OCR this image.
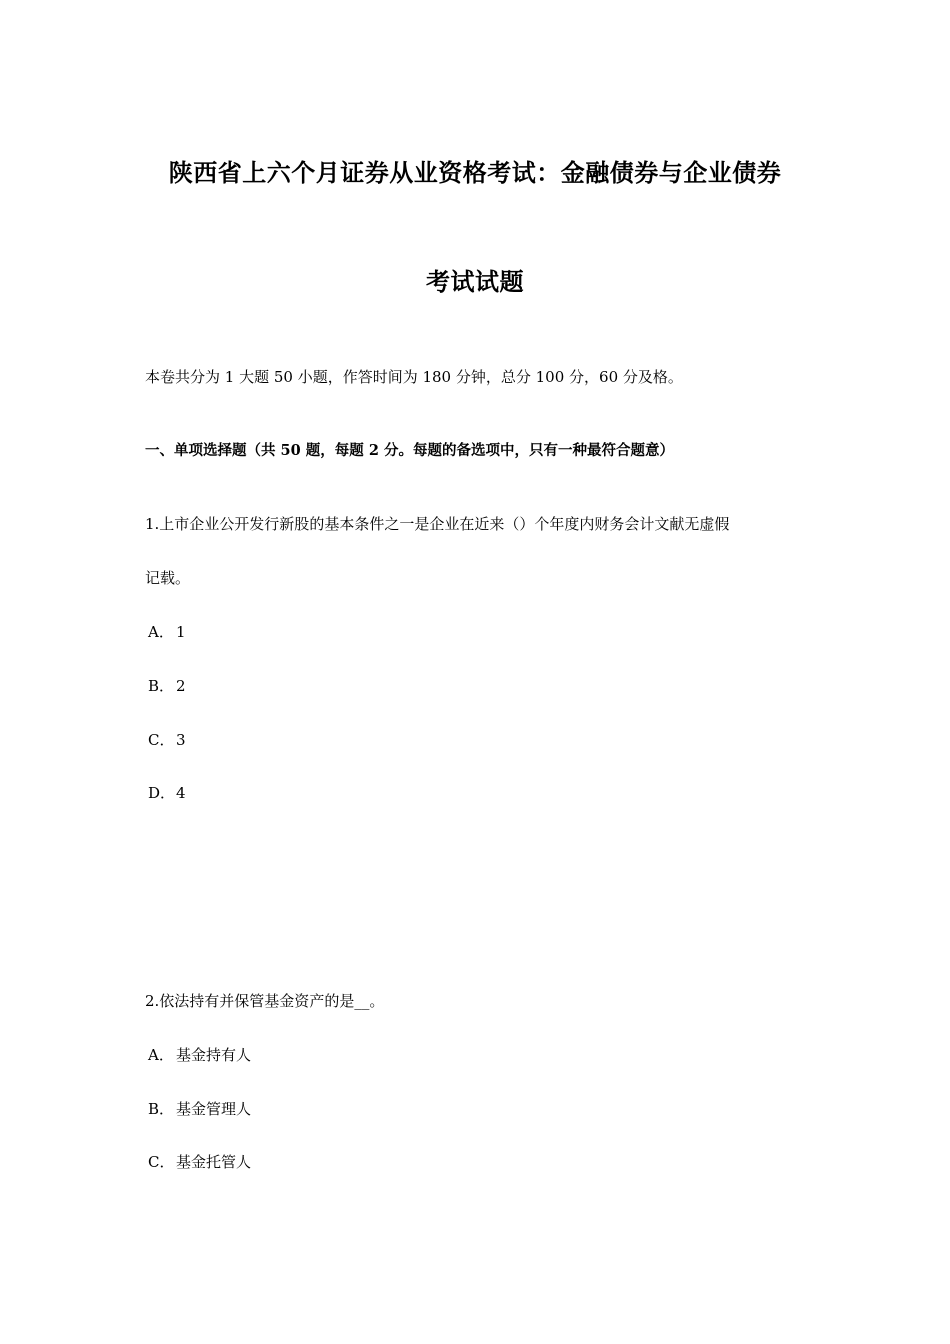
陕西省上六个月证券从业资格考试：金融债券与企业债券
考试试题
本卷共分为 1 大题 50 小题，作答时间为 180 分钟，总分 100 分，60 分及格。
一、单项选择题（共 50 题，每题 2 分。每题的备选项中，只有一种最符合题意）
1.上市企业公开发行新股的基本条件之一是企业在近来（）个年度内财务会计文献无虚假
记载。
A． 1
B． 2
C． 3
D．4
2.依法持有并保管基金资产的是__。
A． 基金持有人
B． 基金管理人
C． 基金托管人
